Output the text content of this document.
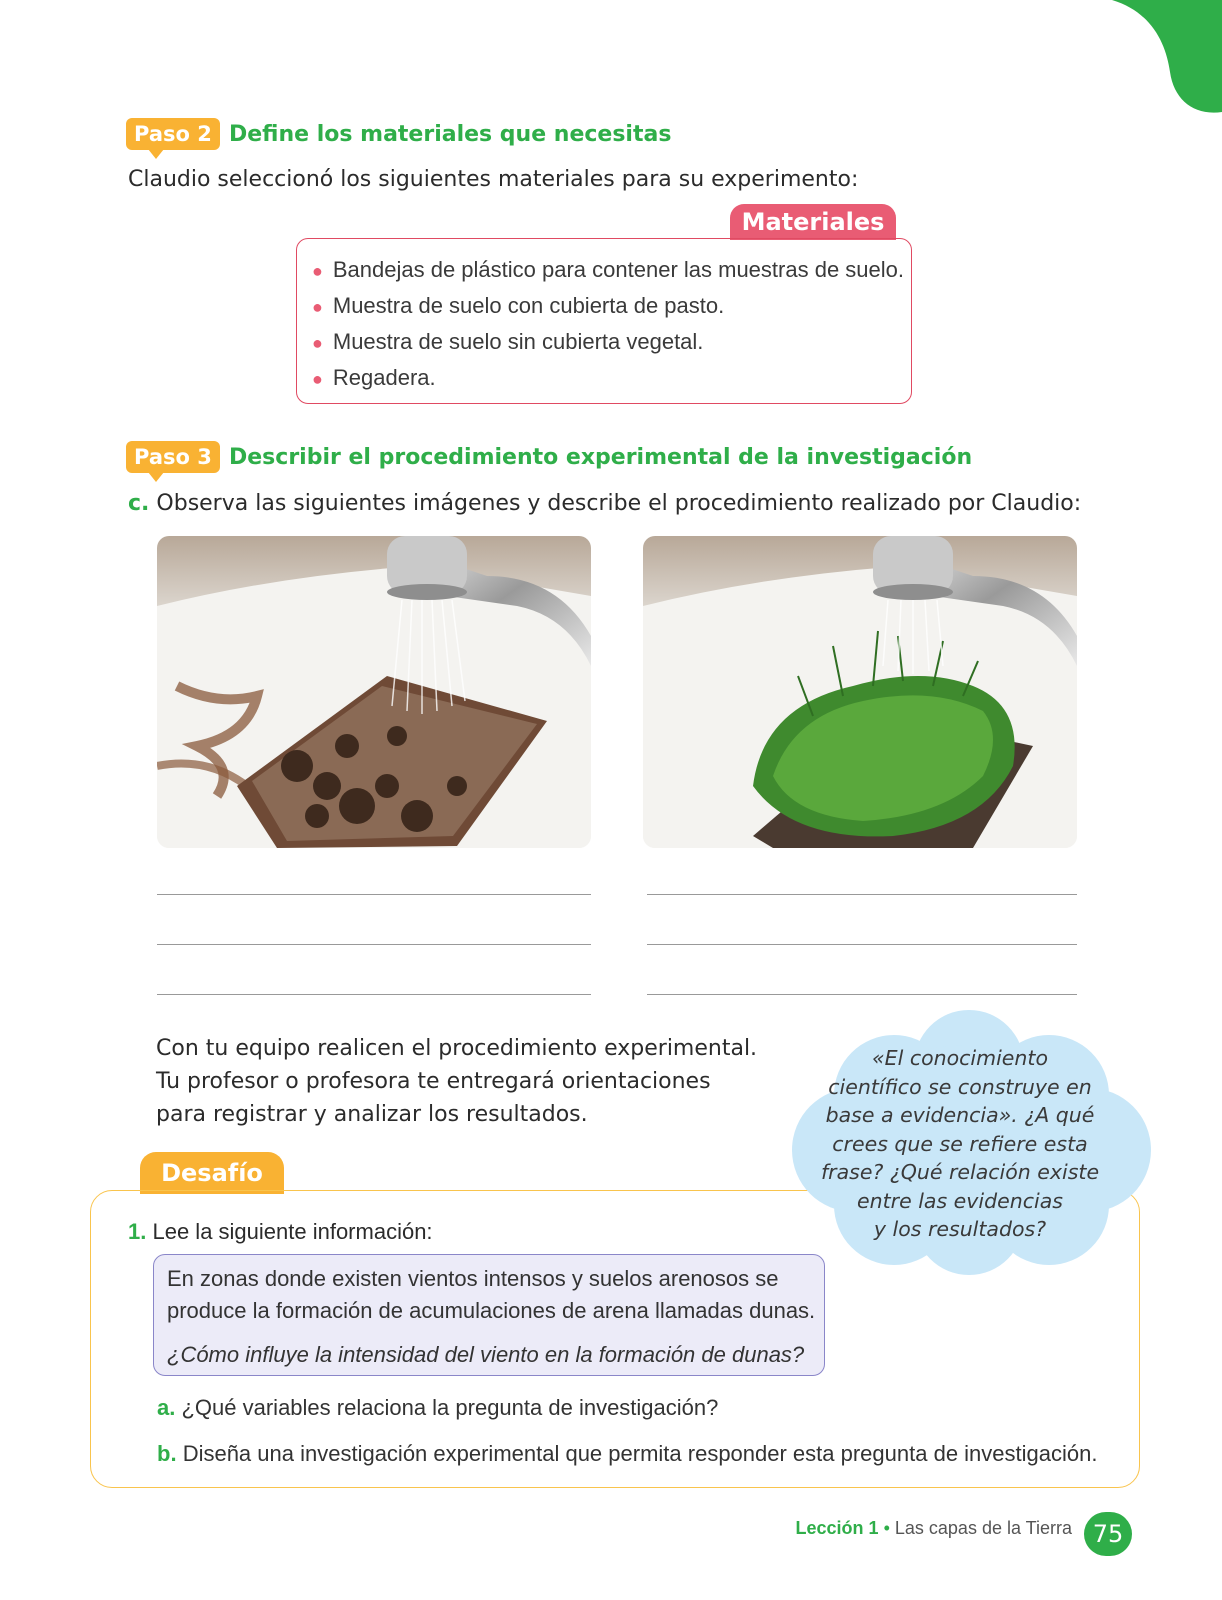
Paso 2 Define los materiales que necesitas
Claudio seleccionó los siguientes materiales para su experimento:
Materiales
● Bandejas de plástico para contener las muestras de suelo.
● Muestra de suelo con cubierta de pasto.
● Muestra de suelo sin cubierta vegetal.
● Regadera.
Paso 3 Describir el procedimiento experimental de la investigación
c. Observa las siguientes imágenes y describe el procedimiento realizado por Claudio:
Con tu equipo realicen el procedimiento experimental.
Tu profesor o profesora te entregará orientaciones
para registrar y analizar los resultados.
Desafío
«El conocimiento
científico se construye en
base a evidencia». ¿A qué
crees que se refiere esta
frase? ¿Qué relación existe
entre las evidencias
y los resultados?
1. Lee la siguiente información:
En zonas donde existen vientos intensos y suelos arenosos se
produce la formación de acumulaciones de arena llamadas dunas.
¿Cómo influye la intensidad del viento en la formación de dunas?
a. ¿Qué variables relaciona la pregunta de investigación?
b. Diseña una investigación experimental que permita responder esta pregunta de investigación.
Lección 1 • Las capas de la Tierra 75
